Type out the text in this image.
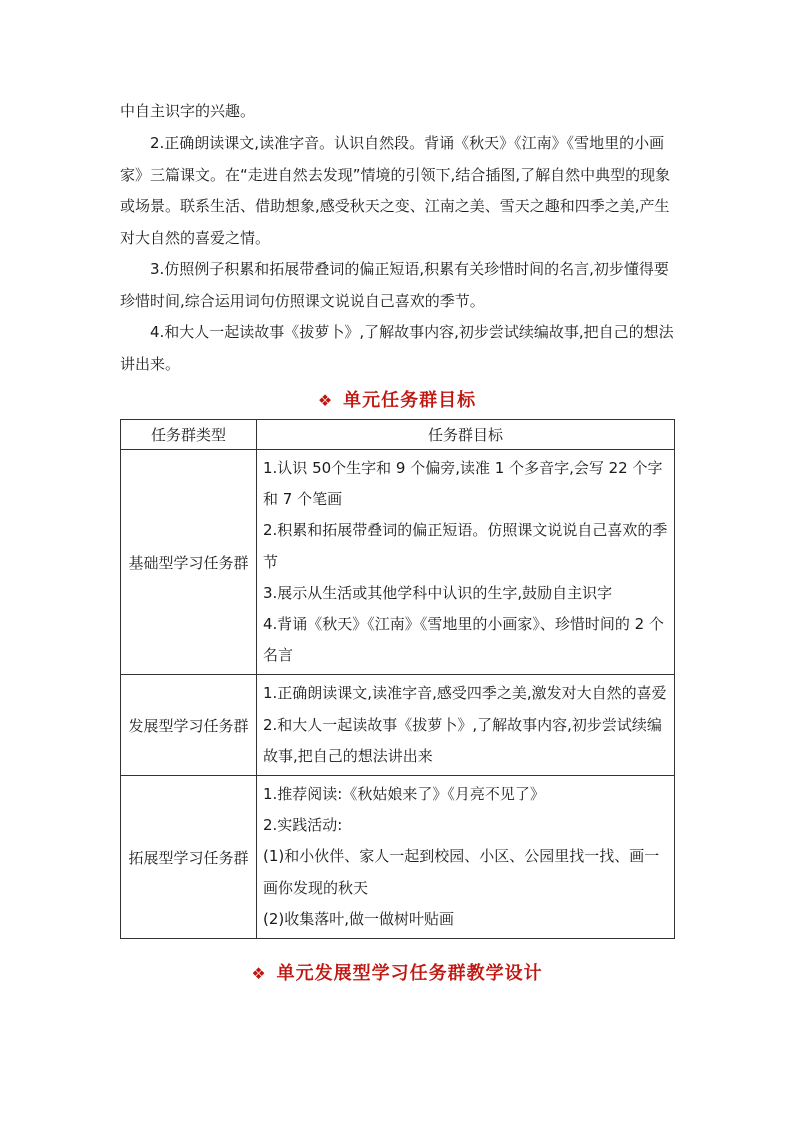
中自主识字的兴趣。

2.正确朗读课文,读准字音。认识自然段。背诵《秋天》《江南》《雪地里的小画家》三篇课文。在“走进自然去发现”情境的引领下,结合插图,了解自然中典型的现象或场景。联系生活、借助想象,感受秋天之变、江南之美、雪天之趣和四季之美,产生对大自然的喜爱之情。

3.仿照例子积累和拓展带叠词的偏正短语,积累有关珍惜时间的名言,初步懂得要珍惜时间,综合运用词句仿照课文说说自己喜欢的季节。

4.和大人一起读故事《拔萝卜》,了解故事内容,初步尝试续编故事,把自己的想法讲出来。

❖ 单元任务群目标
任务群类型	任务群目标
基础型学习任务群	1.认识 50个生字和 9 个偏旁,读准 1 个多音字,会写 22 个字和 7 个笔画
2.积累和拓展带叠词的偏正短语。仿照课文说说自己喜欢的季节
3.展示从生活或其他学科中认识的生字,鼓励自主识字
4.背诵《秋天》《江南》《雪地里的小画家》、珍惜时间的 2 个名言

发展型学习任务群	1.正确朗读课文,读准字音,感受四季之美,激发对大自然的喜爱
2.和大人一起读故事《拔萝卜》,了解故事内容,初步尝试续编故事,把自己的想法讲出来

拓展型学习任务群	1.推荐阅读:《秋姑娘来了》《月亮不见了》
2.实践活动:
(1)和小伙伴、家人一起到校园、小区、公园里找一找、画一画你发现的秋天
(2)收集落叶,做一做树叶贴画
❖ 单元发展型学习任务群教学设计
